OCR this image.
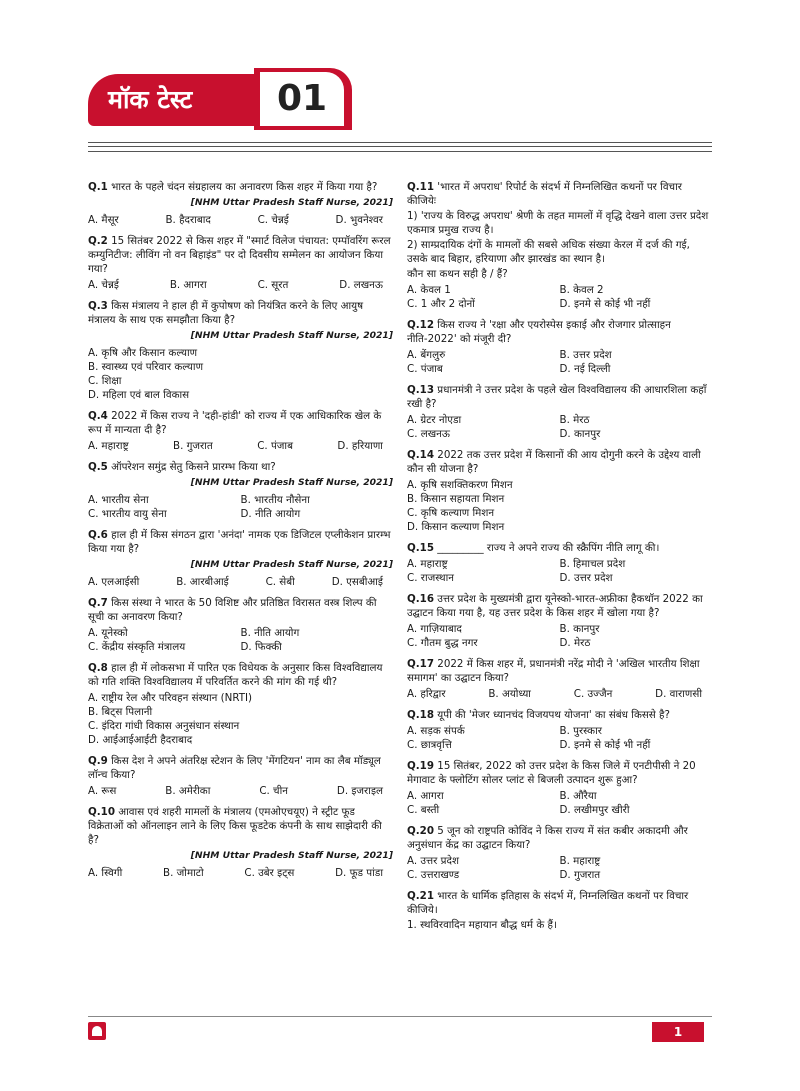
मॉक टेस्ट	01
Q.1 भारत के पहले चंदन संग्रहालय का अनावरण किस शहर में किया गया है?
[NHM Uttar Pradesh Staff Nurse, 2021]
A. मैसूर	B. हैदराबाद	C. चेन्नई	D. भुवनेश्वर
Q.2 15 सितंबर 2022 से किस शहर में "स्मार्ट विलेज पंचायत: एम्पॉवरिंग रूरल कम्युनिटीज: लीविंग नो वन बिहाइंड" पर दो दिवसीय सम्मेलन का आयोजन किया गया?
A. चेन्नई	B. आगरा	C. सूरत	D. लखनऊ
Q.3 किस मंत्रालय ने हाल ही में कुपोषण को नियंत्रित करने के लिए आयुष मंत्रालय के साथ एक समझौता किया है?
[NHM Uttar Pradesh Staff Nurse, 2021]
A. कृषि और किसान कल्याण
B. स्वास्थ्य एवं परिवार कल्याण
C. शिक्षा
D. महिला एवं बाल विकास
Q.4 2022 में किस राज्य ने 'दही-हांडी' को राज्य में एक आधिकारिक खेल के रूप में मान्यता दी है?
A. महाराष्ट्र	B. गुजरात	C. पंजाब	D. हरियाणा
Q.5 ऑपरेशन समुंद्र सेतु किसने प्रारम्भ किया था?
[NHM Uttar Pradesh Staff Nurse, 2021]
A. भारतीय सेना	B. भारतीय नौसेना
C. भारतीय वायु सेना	D. नीति आयोग
Q.6 हाल ही में किस संगठन द्वारा 'अनंदा' नामक एक डिजिटल एप्लीकेशन प्रारम्भ किया गया है?
[NHM Uttar Pradesh Staff Nurse, 2021]
A. एलआईसी	B. आरबीआई	C. सेबी	D. एसबीआई
Q.7 किस संस्था ने भारत के 50 विशिष्ट और प्रतिष्ठित विरासत वस्त्र शिल्प की सूची का अनावरण किया?
A. यूनेस्को	B. नीति आयोग
C. केंद्रीय संस्कृति मंत्रालय	D. फिक्की
Q.8 हाल ही में लोकसभा में पारित एक विधेयक के अनुसार किस विश्वविद्यालय को गति शक्ति विश्वविद्यालय में परिवर्तित करने की मांग की गई थी?
A. राष्ट्रीय रेल और परिवहन संस्थान (NRTI)
B. बिट्स पिलानी
C. इंदिरा गांधी विकास अनुसंधान संस्थान
D. आईआईआईटी हैदराबाद
Q.9 किस देश ने अपने अंतरिक्ष स्टेशन के लिए 'मेंगटियन' नाम का लैब मॉड्यूल लॉन्च किया?
A. रूस	B. अमेरीका	C. चीन	D. इजराइल
Q.10 आवास एवं शहरी मामलों के मंत्रालय (एमओएचयूए) ने स्ट्रीट फूड विक्रेताओं को ऑनलाइन लाने के लिए किस फूडटेक कंपनी के साथ साझेदारी की है?
[NHM Uttar Pradesh Staff Nurse, 2021]
A. स्विगी	B. जोमाटो	C. उबेर इट्स	D. फूड पांडा
Q.11 'भारत में अपराध' रिपोर्ट के संदर्भ में निम्नलिखित कथनों पर विचार कीजियेः
1) 'राज्य के विरुद्ध अपराध' श्रेणी के तहत मामलों में वृद्धि देखने वाला उत्तर प्रदेश एकमात्र प्रमुख राज्य है।
2) साम्प्रदायिक दंगों के मामलों की सबसे अधिक संख्या केरल में दर्ज की गई, उसके बाद बिहार, हरियाणा और झारखंड का स्थान है।
कौन सा कथन सही है / हैं?
A. केवल 1	B. केवल 2
C. 1 और 2 दोनों	D. इनमे से कोई भी नहीं
Q.12 किस राज्य ने 'रक्षा और एयरोस्पेस इकाई और रोजगार प्रोत्साहन नीति-2022' को मंजूरी दी?
A. बेंगलुरु	B. उत्तर प्रदेश
C. पंजाब	D. नई दिल्ली
Q.13 प्रधानमंत्री ने उत्तर प्रदेश के पहले खेल विश्वविद्यालय की आधारशिला कहाँ रखी है?
A. ग्रेटर नोएडा	B. मेरठ
C. लखनऊ	D. कानपुर
Q.14 2022 तक उत्तर प्रदेश में किसानों की आय दोगुनी करने के उद्देश्य वाली कौन सी योजना है?
A. कृषि सशक्तिकरण मिशन
B. किसान सहायता मिशन
C. कृषि कल्याण मिशन
D. किसान कल्याण मिशन
Q.15 _________ राज्य ने अपने राज्य की स्क्रैपिंग नीति लागू की।
A. महाराष्ट्र	B. हिमाचल प्रदेश
C. राजस्थान	D. उत्तर प्रदेश
Q.16 उत्तर प्रदेश के मुख्यमंत्री द्वारा यूनेस्को-भारत-अफ्रीका हैकथॉन 2022 का उद्घाटन किया गया है, यह उत्तर प्रदेश के किस शहर में खोला गया है?
A. गाज़ियाबाद	B. कानपुर
C. गौतम बुद्ध नगर	D. मेरठ
Q.17 2022 में किस शहर में, प्रधानमंत्री नरेंद्र मोदी ने 'अखिल भारतीय शिक्षा समागम' का उद्घाटन किया?
A. हरिद्वार	B. अयोध्या	C. उज्जैन	D. वाराणसी
Q.18 यूपी की 'मेजर ध्यानचंद विजयपथ योजना' का संबंध किससे है?
A. सड़क संपर्क	B. पुरस्कार
C. छात्रवृत्ति	D. इनमे से कोई भी नहीं
Q.19 15 सितंबर, 2022 को उत्तर प्रदेश के किस जिले में एनटीपीसी ने 20 मेगावाट के फ्लोटिंग सोलर प्लांट से बिजली उत्पादन शुरू हुआ?
A. आगरा	B. औरैया
C. बस्ती	D. लखीमपुर खीरी
Q.20 5 जून को राष्ट्रपति कोविंद ने किस राज्य में संत कबीर अकादमी और अनुसंधान केंद्र का उद्घाटन किया?
A. उत्तर प्रदेश	B. महाराष्ट्र
C. उत्तराखण्ड	D. गुजरात
Q.21 भारत के धार्मिक इतिहास के संदर्भ में, निम्नलिखित कथनों पर विचार कीजिये।
1. स्थविरवादिन महायान बौद्ध धर्म के हैं।
1
